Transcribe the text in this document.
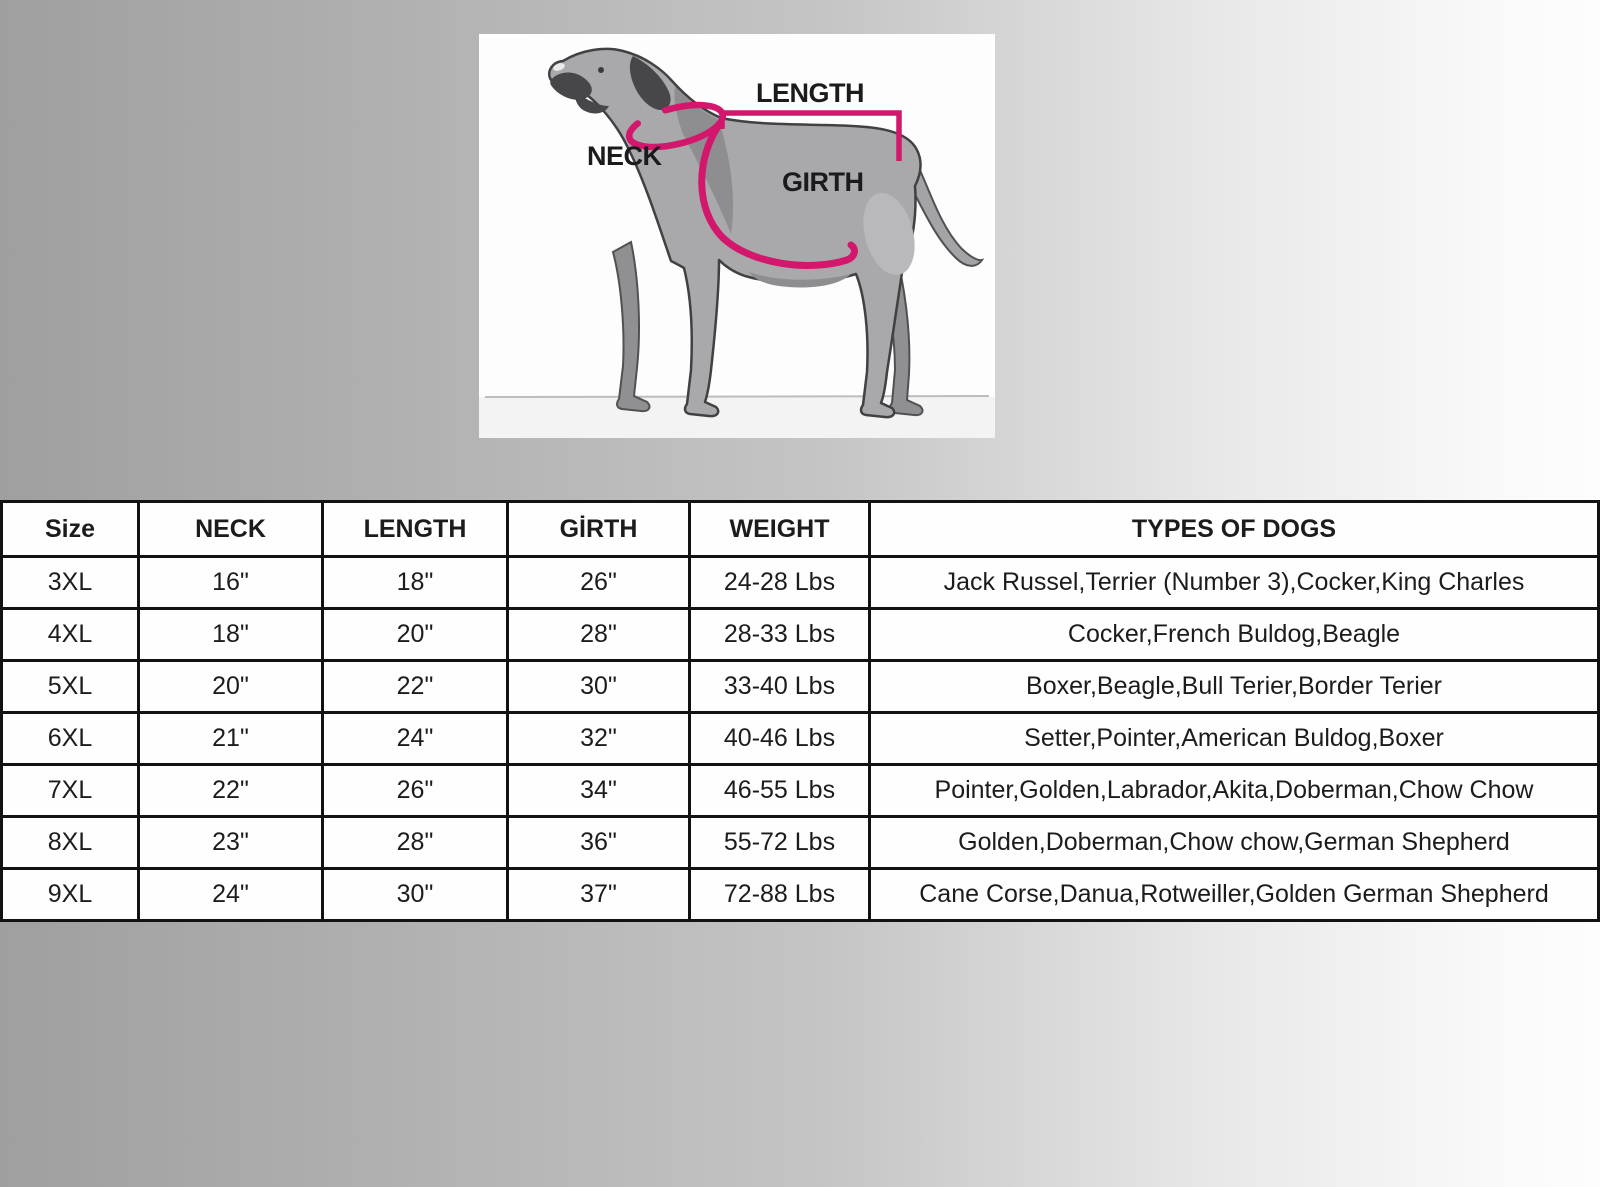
NECK
LENGTH
GIRTH
Size	NECK	LENGTH	GİRTH	WEIGHT	TYPES OF DOGS
3XL	16"	18"	26"	24-28 Lbs	Jack Russel,Terrier (Number 3),Cocker,King Charles
4XL	18"	20"	28"	28-33 Lbs	Cocker,French Buldog,Beagle
5XL	20"	22"	30"	33-40 Lbs	Boxer,Beagle,Bull Terier,Border Terier
6XL	21"	24"	32"	40-46 Lbs	Setter,Pointer,American Buldog,Boxer
7XL	22"	26"	34"	46-55 Lbs	Pointer,Golden,Labrador,Akita,Doberman,Chow Chow
8XL	23"	28"	36"	55-72 Lbs	Golden,Doberman,Chow chow,German Shepherd
9XL	24"	30"	37"	72-88 Lbs	Cane Corse,Danua,Rotweiller,Golden German Shepherd
